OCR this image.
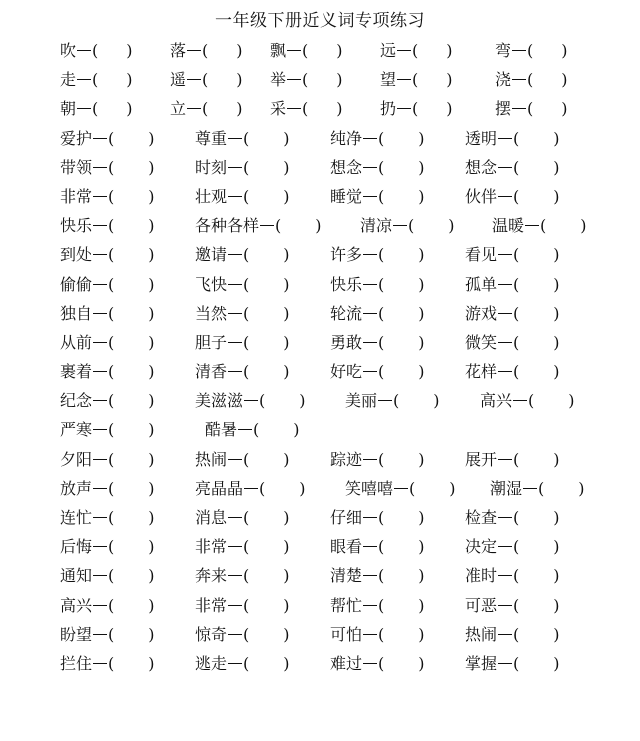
一年级下册近义词专项练习
吹 ( ) 落 ( ) 飘 ( ) 远 ( )	弯 ( )
走 ( ) 遥 ( ) 举 ( ) 望 ( )	浇 ( )
朝 ( ) 立 ( ) 采 ( ) 扔 ( )	摆 ( )
爱护 ( )	尊重 ( )	纯净 ( )	透明 ( )
带领 ( )	时刻 ( )	想念 ( )	想念 ( )
非常 ( )	壮观 ( )	睡觉 ( )	伙伴 ( )
快乐 ( )	各种各样 ( ) 清凉 ( ) 温暖 ( )
到处 ( )	邀请 ( )	许多 ( )	看见 ( )
偷偷 ( )	飞快 ( )	快乐 ( )	孤单 ( )
独自 ( )	当然 ( )	轮流 ( )	游戏 ( )
从前 ( )	胆子 ( )	勇敢 ( )	微笑 ( )
裹着 ( )	清香 ( )	好吃 ( )	花样 ( )
纪念 ( )	美滋滋 ( ) 美丽 ( )	高兴 ( )
严寒 ( )	酷暑 ( )
夕阳 ( )	热闹 ( )	踪迹 ( )	展开 ( )
放声 ( )	亮晶晶 ( ) 笑嘻嘻 ( ) 潮湿 ( )
连忙 ( )	消息 ( )	仔细 ( )	检查 ( )
后悔 ( )	非常 ( )	眼看 ( )	决定 ( )
通知 ( )	奔来 ( )	清楚 ( )	准时 ( )
高兴 ( )	非常 ( )	帮忙 ( )	可恶 ( )
盼望 ( )	惊奇 ( )	可怕 ( )	热闹 ( )
拦住 ( )	逃走 ( )	难过 ( )	掌握 ( )
